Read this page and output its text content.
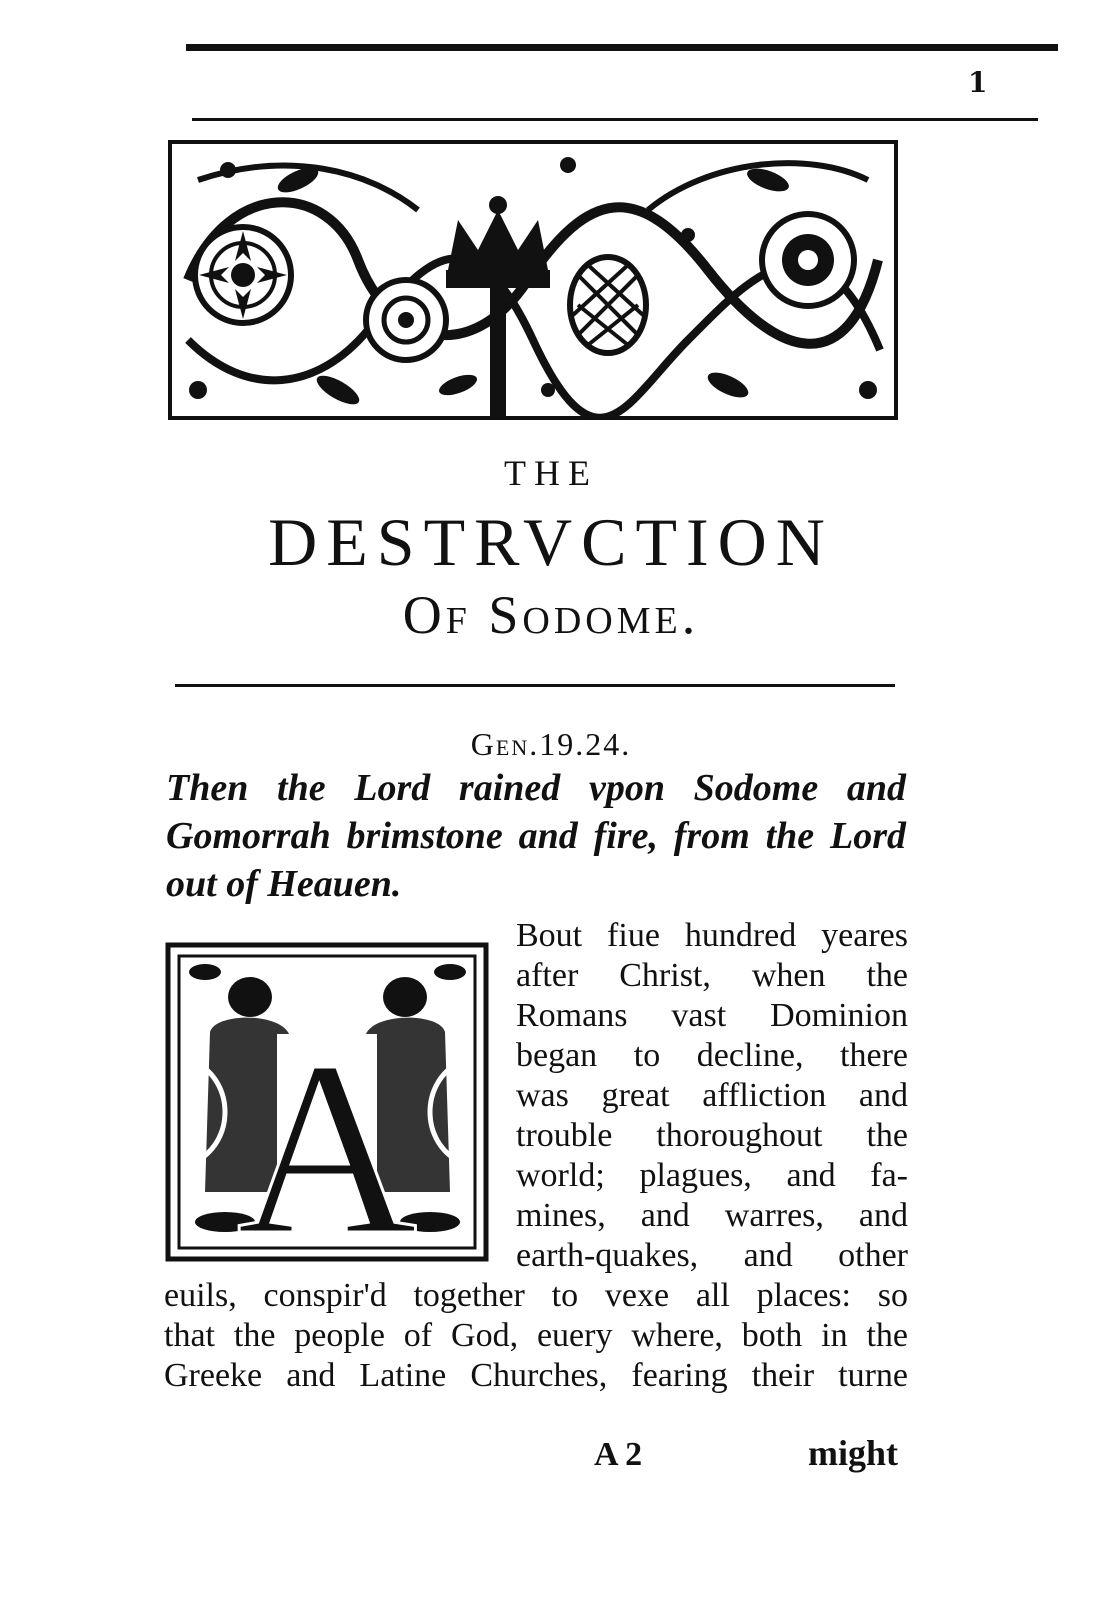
1
THE
DESTRVCTION
Of Sodome.
Gen.19.24.
Then the Lord rained vpon Sodome and Gomorrah brimstone and fire, from the Lord out of Heauen.
A
Bout fiue hundred yeares
after Christ, when the
Romans vast Dominion
began to decline, there
was great affliction and
trouble thoroughout the
world; plagues, and fa-
mines, and warres, and
earth-quakes, and other
euils, conspir'd together to vexe all places: so
that the people of God, euery where, both in the
Greeke and Latine Churches, fearing their turne
A 2	might
